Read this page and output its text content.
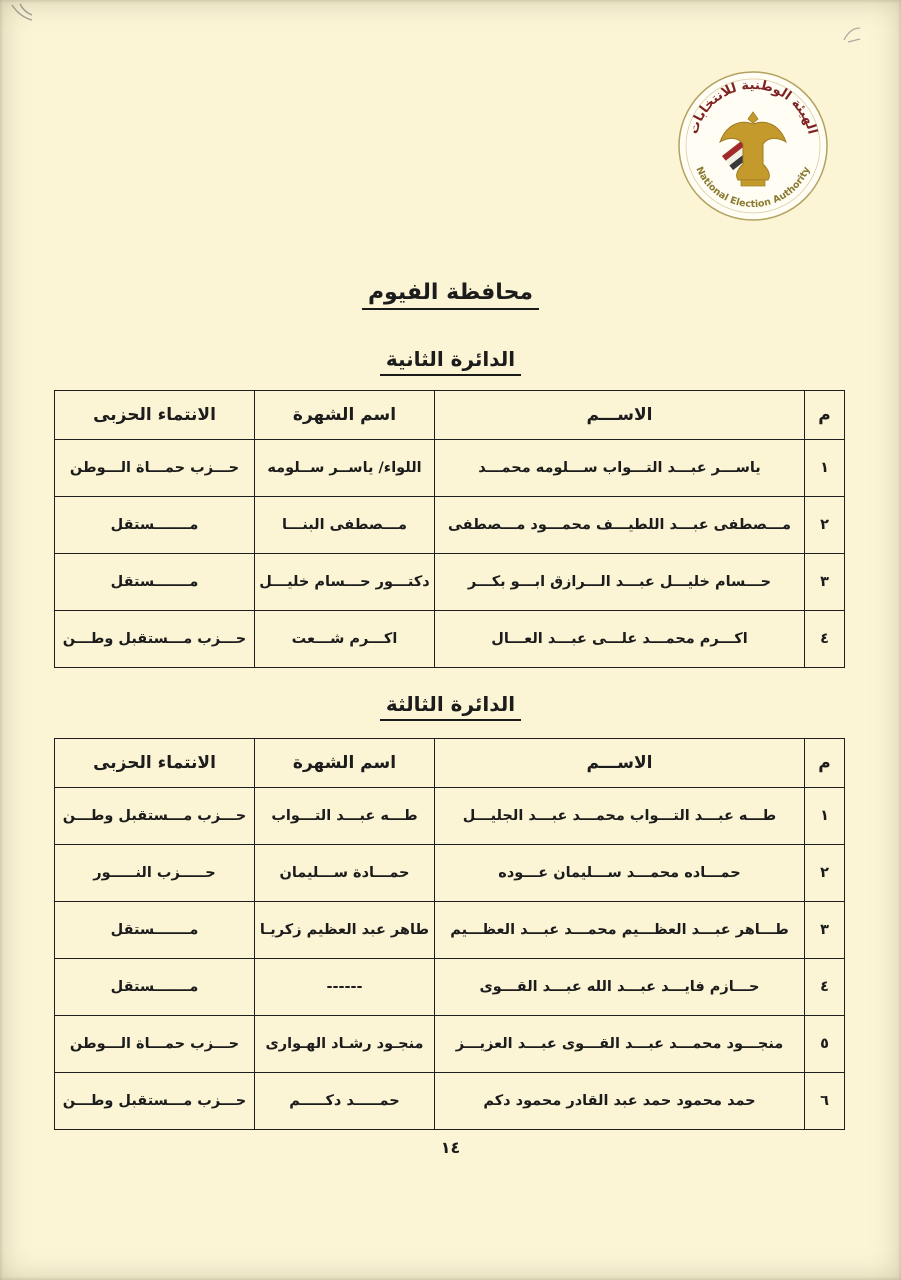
الهيئة الوطنية للانتخابات
National Election Authority
محافظة الفيوم
الدائرة الثانية
م	الاســـم	اسم الشهرة	الانتماء الحزبى
١	ياســـر عبـــد التـــواب ســـلومه محمـــد	اللواء/ ياســر ســلومه	حـــزب حمـــاة الـــوطن
٢	مـــصطفى عبـــد اللطيـــف محمـــود مـــصطفى	مـــصطفى البنـــا	مـــــــستقل
٣	حـــسام خليـــل عبـــد الـــرازق ابـــو بكـــر	دكتـــور حـــسام خليـــل	مـــــــستقل
٤	اكـــرم محمـــد علـــى عبـــد العـــال	اكـــرم شـــعت	حـــزب مـــستقبل وطـــن
الدائرة الثالثة
م	الاســـم	اسم الشهرة	الانتماء الحزبى
١	طـــه عبـــد التـــواب محمـــد عبـــد الجليـــل	طـــه عبـــد التـــواب	حـــزب مـــستقبل وطـــن
٢	حمـــاده محمـــد ســـليمان عـــوده	حمـــادة ســـليمان	حـــــزب النـــــور
٣	طـــاهر عبـــد العظـــيم محمـــد عبـــد العظـــيم	طاهر عبد العظيم زكريـا	مـــــــستقل
٤	حـــازم فايـــد عبـــد الله عبـــد القـــوى	------	مـــــــستقل
٥	منجـــود محمـــد عبـــد القـــوى عبـــد العزيـــز	منجـود رشـاد الهـوارى	حـــزب حمـــاة الـــوطن
٦	حمد محمود حمد عبد القادر محمود دكم	حمـــــد دكـــــم	حـــزب مـــستقبل وطـــن
١٤
